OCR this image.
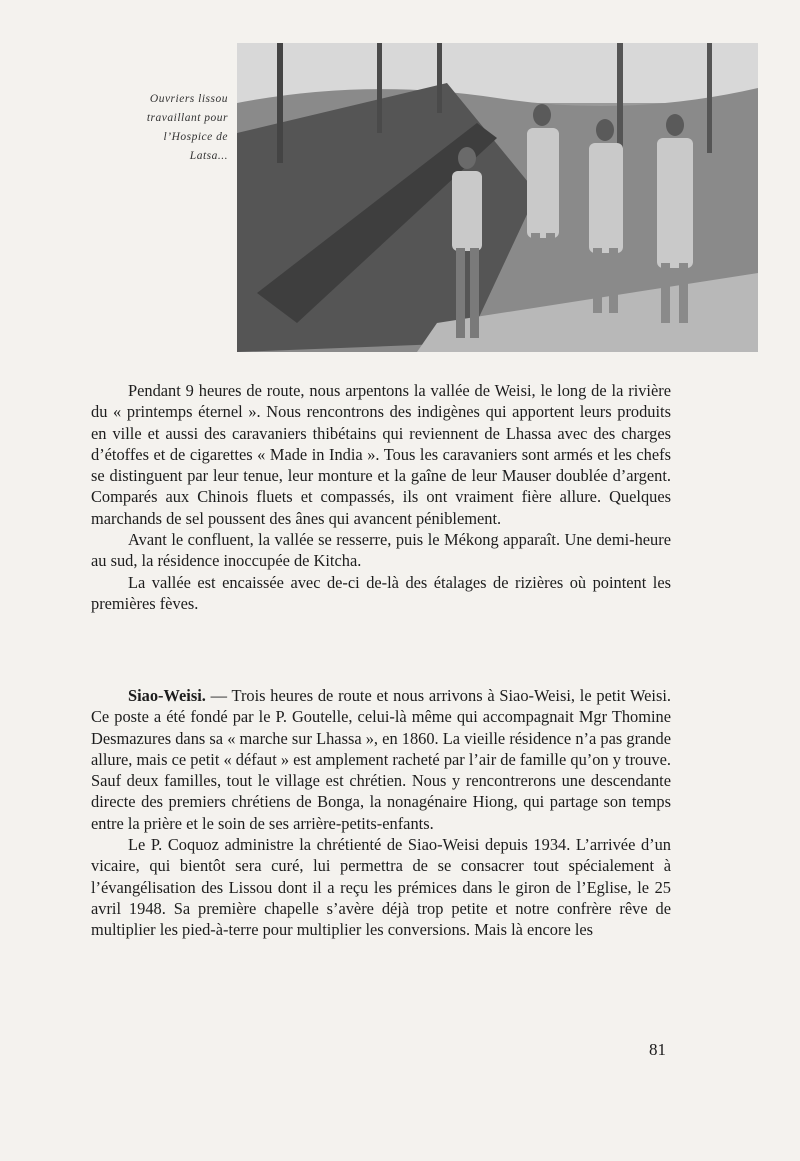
Ouvriers lissou
travaillant pour
l’Hospice de
Latsa...

Pendant 9 heures de route, nous arpentons la vallée de Weisi, le long de la rivière du « printemps éternel ». Nous rencontrons des indigènes qui apportent leurs produits en ville et aussi des caravaniers thibétains qui reviennent de Lhassa avec des charges d’étoffes et de cigarettes « Made in India ». Tous les caravaniers sont armés et les chefs se distinguent par leur tenue, leur monture et la gaîne de leur Mauser doublée d’argent. Comparés aux Chinois fluets et compassés, ils ont vraiment fière allure. Quelques marchands de sel poussent des ânes qui avancent péniblement.

Avant le confluent, la vallée se resserre, puis le Mékong apparaît. Une demi-heure au sud, la résidence inoccupée de Kitcha.

La vallée est encaissée avec de-ci de-là des étalages de rizières où pointent les premières fèves.

Siao-Weisi. — Trois heures de route et nous arrivons à Siao-Weisi, le petit Weisi. Ce poste a été fondé par le P. Goutelle, celui-là même qui accompagnait Mgr Thomine Desmazures dans sa « marche sur Lhassa », en 1860. La vieille résidence n’a pas grande allure, mais ce petit « défaut » est amplement racheté par l’air de famille qu’on y trouve. Sauf deux familles, tout le village est chrétien. Nous y rencontrerons une descendante directe des premiers chrétiens de Bonga, la nonagénaire Hiong, qui partage son temps entre la prière et le soin de ses arrière-petits-enfants.

Le P. Coquoz administre la chrétienté de Siao-Weisi depuis 1934. L’arrivée d’un vicaire, qui bientôt sera curé, lui permettra de se consacrer tout spécialement à l’évangélisation des Lissou dont il a reçu les prémices dans le giron de l’Eglise, le 25 avril 1948. Sa première chapelle s’avère déjà trop petite et notre confrère rêve de multiplier les pied-à-terre pour multiplier les conversions. Mais là encore les

81
